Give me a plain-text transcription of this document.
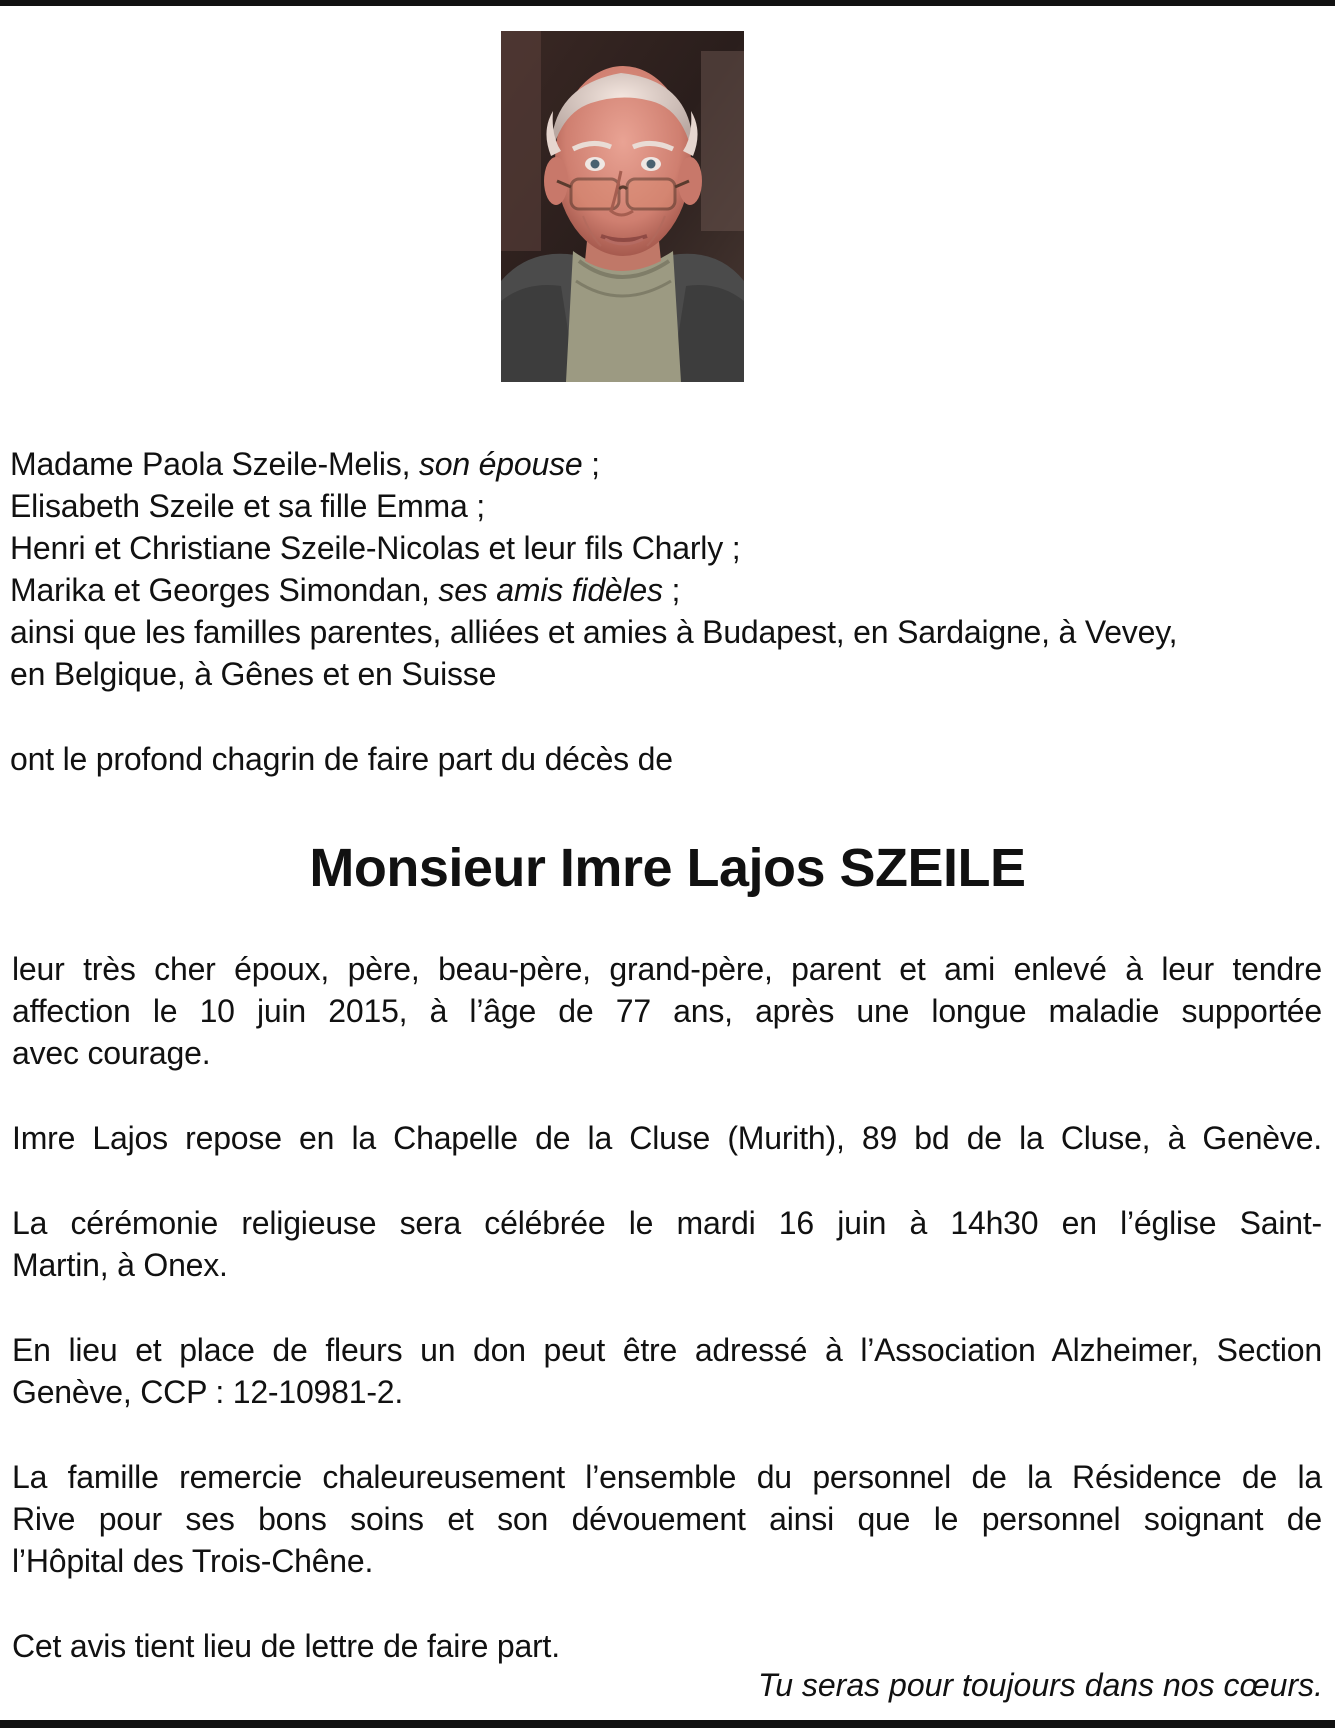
Madame Paola Szeile-Melis, son épouse ;
Elisabeth Szeile et sa fille Emma ;
Henri et Christiane Szeile-Nicolas et leur fils Charly ;
Marika et Georges Simondan, ses amis fidèles ;
ainsi que les familles parentes, alliées et amies à Budapest, en Sardaigne, à Vevey,
en Belgique, à Gênes et en Suisse
ont le profond chagrin de faire part du décès de
Monsieur Imre Lajos SZEILE
leur très cher époux, père, beau-père, grand-père, parent et ami enlevé à leur tendre
affection le 10 juin 2015, à l’âge de 77 ans, après une longue maladie supportée
avec courage.
Imre Lajos repose en la Chapelle de la Cluse (Murith), 89 bd de la Cluse, à Genève.
La cérémonie religieuse sera célébrée le mardi 16 juin à 14h30 en l’église Saint-
Martin, à Onex.
En lieu et place de fleurs un don peut être adressé à l’Association Alzheimer, Section
Genève, CCP : 12-10981-2.
La famille remercie chaleureusement l’ensemble du personnel de la Résidence de la
Rive pour ses bons soins et son dévouement ainsi que le personnel soignant de
l’Hôpital des Trois-Chêne.
Cet avis tient lieu de lettre de faire part.
Tu seras pour toujours dans nos cœurs.
